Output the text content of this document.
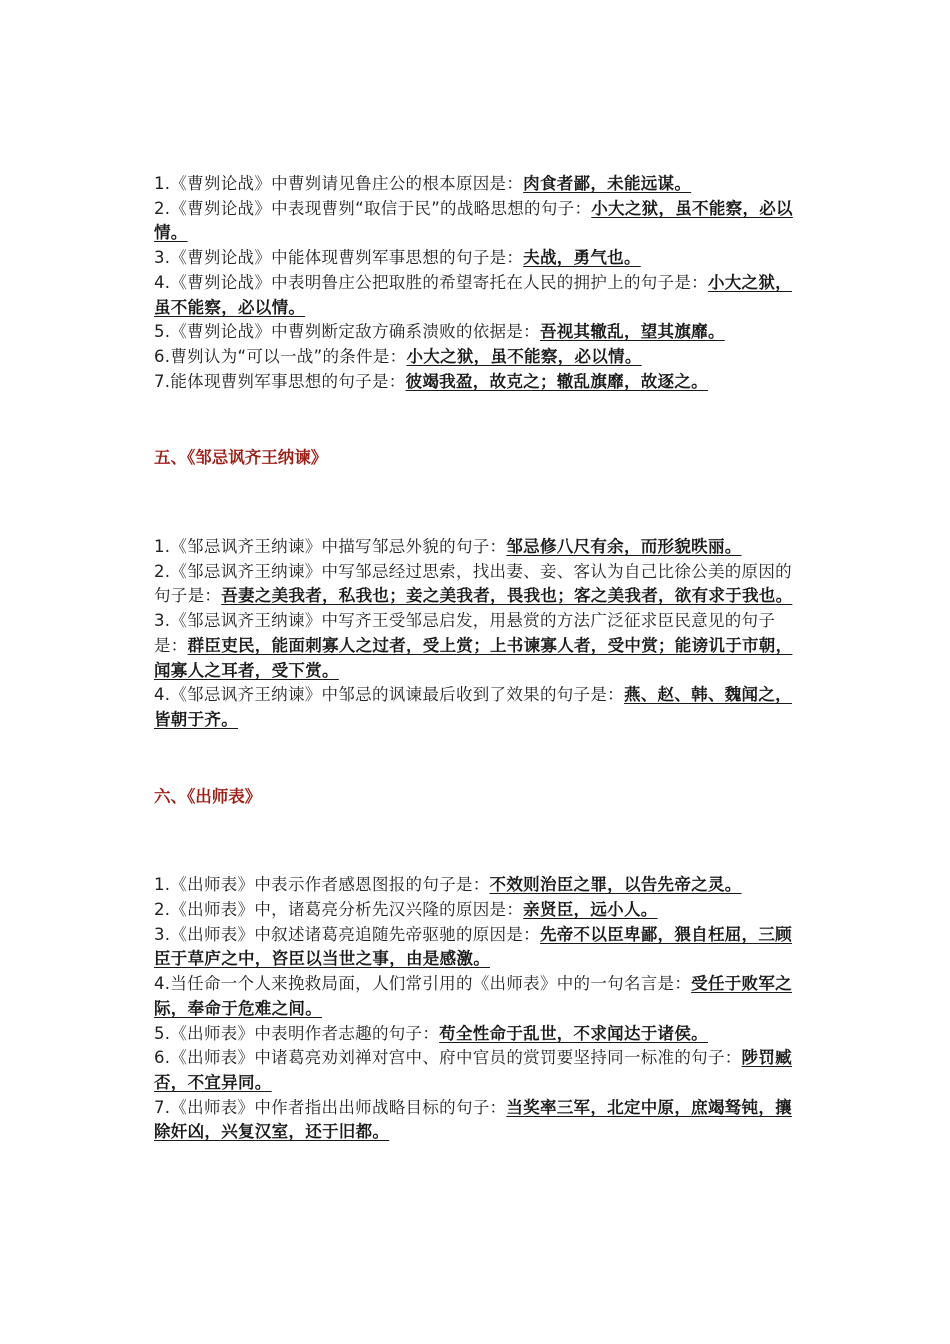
1.《曹刿论战》中曹刿请见鲁庄公的根本原因是：肉食者鄙，未能远谋。

2.《曹刿论战》中表现曹刿“取信于民”的战略思想的句子：小大之狱，虽不能察，必以情。

3.《曹刿论战》中能体现曹刿军事思想的句子是：夫战，勇气也。

4.《曹刿论战》中表明鲁庄公把取胜的希望寄托在人民的拥护上的句子是：小大之狱，虽不能察，必以情。

5.《曹刿论战》中曹刿断定敌方确系溃败的依据是：吾视其辙乱，望其旗靡。

6.曹刿认为“可以一战”的条件是：小大之狱，虽不能察，必以情。

7.能体现曹刿军事思想的句子是：彼竭我盈，故克之；辙乱旗靡，故逐之。

五、《邹忌讽齐王纳谏》

1.《邹忌讽齐王纳谏》中描写邹忌外貌的句子：邹忌修八尺有余，而形貌昳丽。

2.《邹忌讽齐王纳谏》中写邹忌经过思索，找出妻、妾、客认为自己比徐公美的原因的句子是：吾妻之美我者，私我也；妾之美我者，畏我也；客之美我者，欲有求于我也。

3.《邹忌讽齐王纳谏》中写齐王受邹忌启发，用悬赏的方法广泛征求臣民意见的句子是：群臣吏民，能面刺寡人之过者，受上赏；上书谏寡人者，受中赏；能谤讥于市朝，闻寡人之耳者，受下赏。

4.《邹忌讽齐王纳谏》中邹忌的讽谏最后收到了效果的句子是：燕、赵、韩、魏闻之，皆朝于齐。

六、《出师表》

1.《出师表》中表示作者感恩图报的句子是：不效则治臣之罪，以告先帝之灵。

2.《出师表》中，诸葛亮分析先汉兴隆的原因是：亲贤臣，远小人。

3.《出师表》中叙述诸葛亮追随先帝驱驰的原因是：先帝不以臣卑鄙，猥自枉屈，三顾臣于草庐之中，咨臣以当世之事，由是感激。

4.当任命一个人来挽救局面，人们常引用的《出师表》中的一句名言是：受任于败军之际，奉命于危难之间。

5.《出师表》中表明作者志趣的句子：苟全性命于乱世，不求闻达于诸侯。

6.《出师表》中诸葛亮劝刘禅对宫中、府中官员的赏罚要坚持同一标准的句子：陟罚臧否，不宜异同。

7.《出师表》中作者指出出师战略目标的句子：当奖率三军，北定中原，庶竭驽钝，攘除奸凶，兴复汉室，还于旧都。
